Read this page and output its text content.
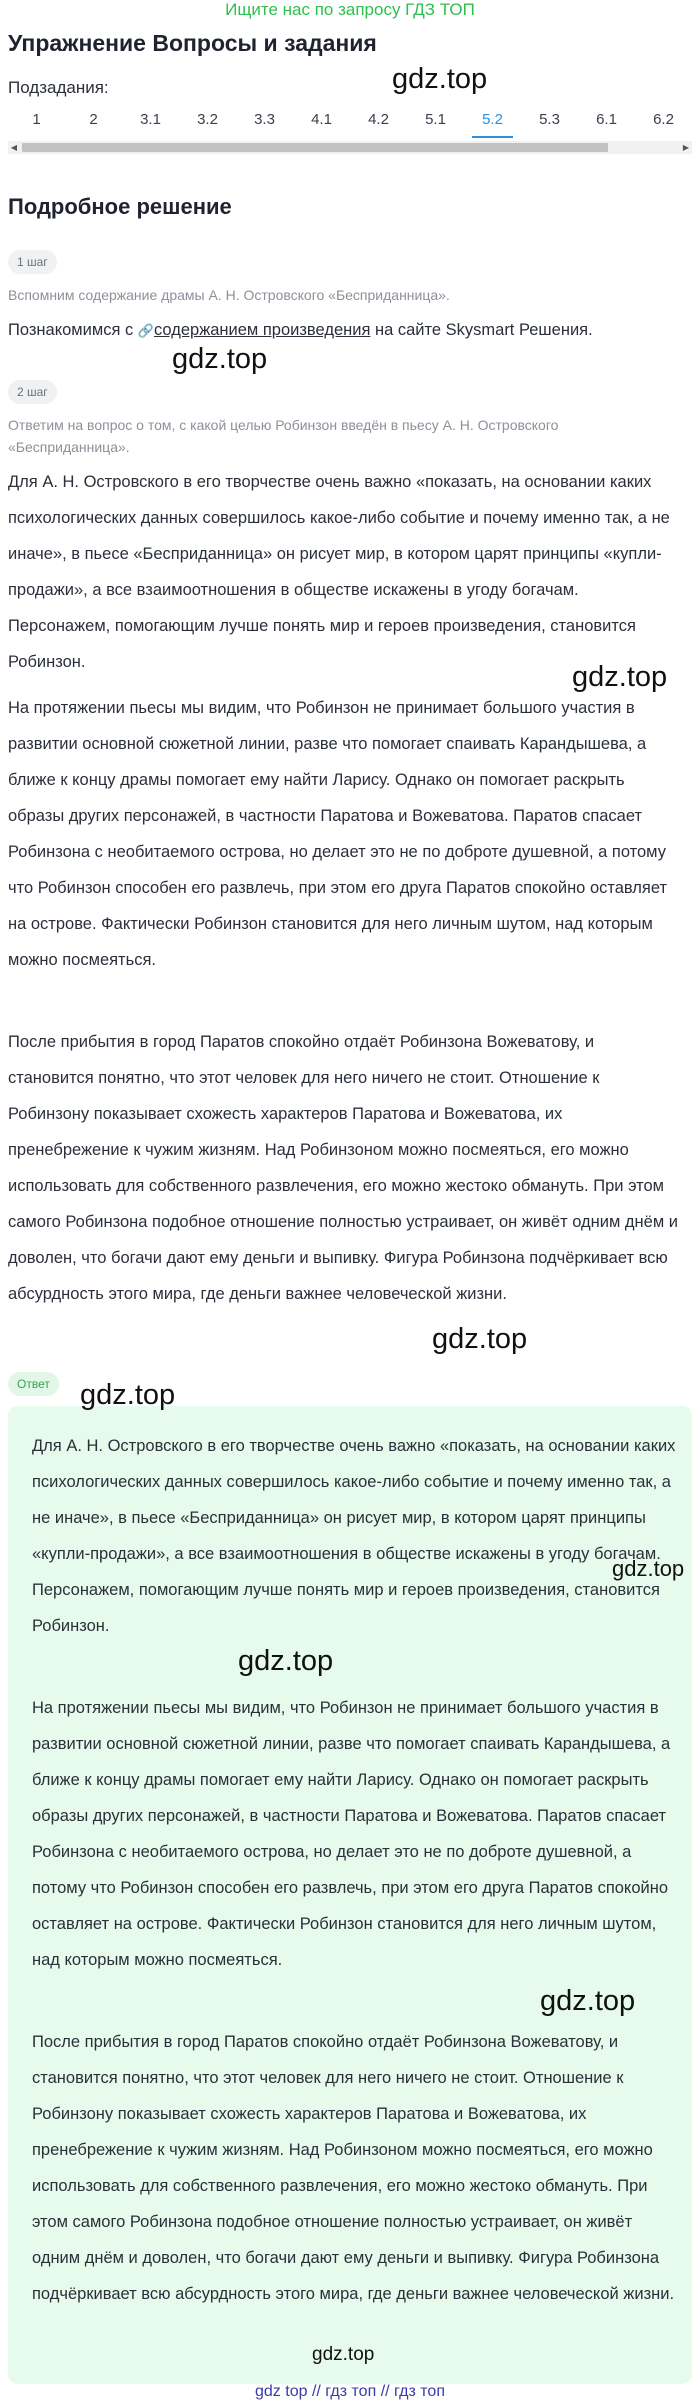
Ищите нас по запросу ГДЗ ТОП
Упражнение Вопросы и задания
Подзадания:
1	2	3.1	3.2	3.3	4.1	4.2	5.1	5.2	5.3	6.1	6.2
◀	▶
Подробное решение
1 шаг
Вспомним содержание драмы А. Н. Островского «Бесприданница».
Познакомимся с 🔗содержанием произведения на сайте Skysmart Решения.
2 шаг
Ответим на вопрос о том, с какой целью Робинзон введён в пьесу А. Н. Островского «Бесприданница».
Для А. Н. Островского в его творчестве очень важно «показать, на основании каких психологических данных совершилось какое-либо событие и почему именно так, а не иначе», в пьесе «Бесприданница» он рисует мир, в котором царят принципы «купли-продажи», а все взаимоотношения в обществе искажены в угоду богачам. Персонажем, помогающим лучше понять мир и героев произведения, становится Робинзон.
На протяжении пьесы мы видим, что Робинзон не принимает большого участия в развитии основной сюжетной линии, разве что помогает спаивать Карандышева, а ближе к концу драмы помогает ему найти Ларису. Однако он помогает раскрыть образы других персонажей, в частности Паратова и Вожеватова. Паратов спасает Робинзона с необитаемого острова, но делает это не по доброте душевной, а потому что Робинзон способен его развлечь, при этом его друга Паратов спокойно оставляет на острове. Фактически Робинзон становится для него личным шутом, над которым можно посмеяться.
После прибытия в город Паратов спокойно отдаёт Робинзона Вожеватову, и становится понятно, что этот человек для него ничего не стоит. Отношение к Робинзону показывает схожесть характеров Паратова и Вожеватова, их пренебрежение к чужим жизням. Над Робинзоном можно посмеяться, его можно использовать для собственного развлечения, его можно жестоко обмануть. При этом самого Робинзона подобное отношение полностью устраивает, он живёт одним днём и доволен, что богачи дают ему деньги и выпивку. Фигура Робинзона подчёркивает всю абсурдность этого мира, где деньги важнее человеческой жизни.
Ответ
Для А. Н. Островского в его творчестве очень важно «показать, на основании каких психологических данных совершилось какое-либо событие и почему именно так, а не иначе», в пьесе «Бесприданница» он рисует мир, в котором царят принципы «купли-продажи», а все взаимоотношения в обществе искажены в угоду богачам. Персонажем, помогающим лучше понять мир и героев произведения, становится Робинзон.
На протяжении пьесы мы видим, что Робинзон не принимает большого участия в развитии основной сюжетной линии, разве что помогает спаивать Карандышева, а ближе к концу драмы помогает ему найти Ларису. Однако он помогает раскрыть образы других персонажей, в частности Паратова и Вожеватова. Паратов спасает Робинзона с необитаемого острова, но делает это не по доброте душевной, а потому что Робинзон способен его развлечь, при этом его друга Паратов спокойно оставляет на острове. Фактически Робинзон становится для него личным шутом, над которым можно посмеяться.
После прибытия в город Паратов спокойно отдаёт Робинзона Вожеватову, и становится понятно, что этот человек для него ничего не стоит. Отношение к Робинзону показывает схожесть характеров Паратова и Вожеватова, их пренебрежение к чужим жизням. Над Робинзоном можно посмеяться, его можно использовать для собственного развлечения, его можно жестоко обмануть. При этом самого Робинзона подобное отношение полностью устраивает, он живёт одним днём и доволен, что богачи дают ему деньги и выпивку. Фигура Робинзона подчёркивает всю абсурдность этого мира, где деньги важнее человеческой жизни.
gdz.top
gdz.top
gdz.top
gdz.top
gdz.top
gdz.top
gdz.top
gdz.top
gdz.top
gdz top // гдз топ // гдз топ
